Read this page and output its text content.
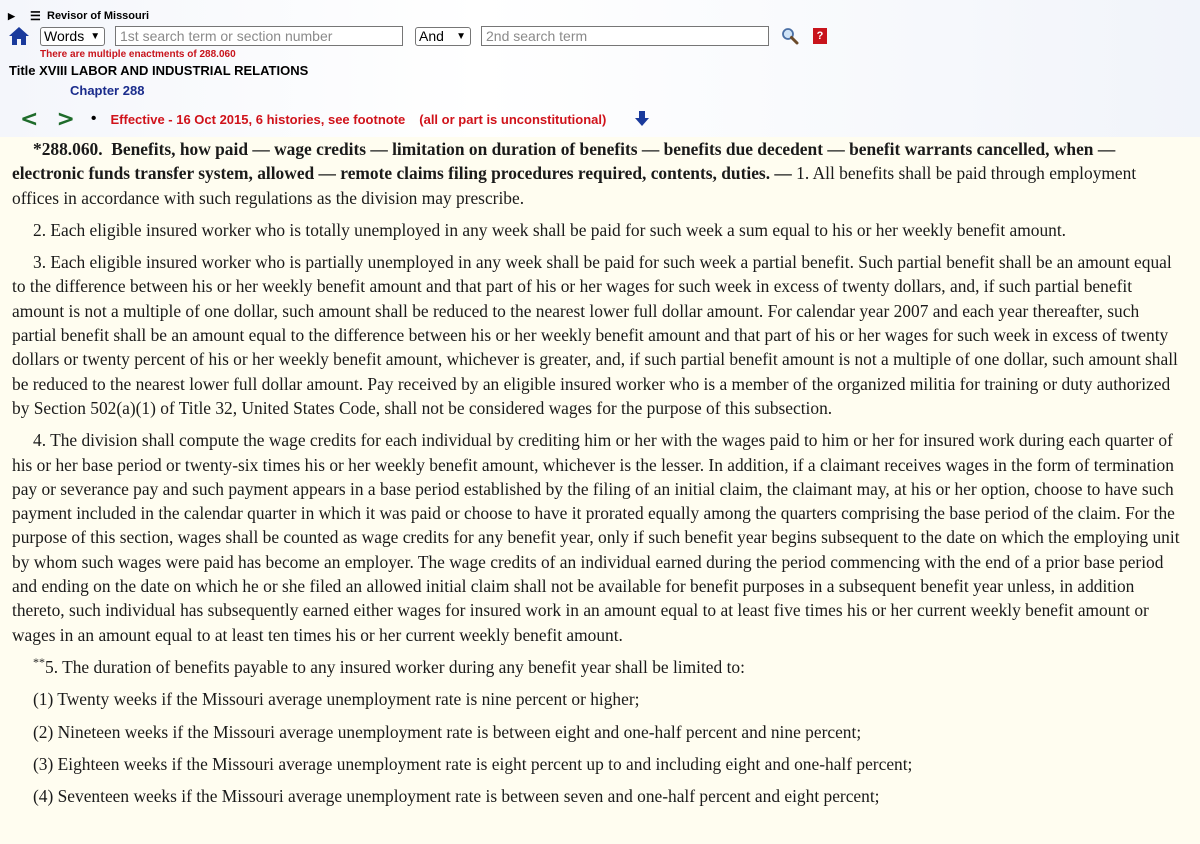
▶	☰ Revisor of Missouri
Words ▼ 1st search term or section number	And ▼ 2nd search term	?
There are multiple enactments of 288.060
Title XVIII LABOR AND INDUSTRIAL RELATIONS
Chapter 288
< > • Effective - 16 Oct 2015, 6 histories, see footnote (all or part is unconstitutional)

*288.060. Benefits, how paid — wage credits — limitation on duration of benefits — benefits due decedent — benefit warrants cancelled, when — electronic funds transfer system, allowed — remote claims filing procedures required, contents, duties. — 1. All benefits shall be paid through employment offices in accordance with such regulations as the division may prescribe.

2. Each eligible insured worker who is totally unemployed in any week shall be paid for such week a sum equal to his or her weekly benefit amount.

3. Each eligible insured worker who is partially unemployed in any week shall be paid for such week a partial benefit. Such partial benefit shall be an amount equal to the difference between his or her weekly benefit amount and that part of his or her wages for such week in excess of twenty dollars, and, if such partial benefit amount is not a multiple of one dollar, such amount shall be reduced to the nearest lower full dollar amount. For calendar year 2007 and each year thereafter, such partial benefit shall be an amount equal to the difference between his or her weekly benefit amount and that part of his or her wages for such week in excess of twenty dollars or twenty percent of his or her weekly benefit amount, whichever is greater, and, if such partial benefit amount is not a multiple of one dollar, such amount shall be reduced to the nearest lower full dollar amount. Pay received by an eligible insured worker who is a member of the organized militia for training or duty authorized by Section 502(a)(1) of Title 32, United States Code, shall not be considered wages for the purpose of this subsection.

4. The division shall compute the wage credits for each individual by crediting him or her with the wages paid to him or her for insured work during each quarter of his or her base period or twenty-six times his or her weekly benefit amount, whichever is the lesser. In addition, if a claimant receives wages in the form of termination pay or severance pay and such payment appears in a base period established by the filing of an initial claim, the claimant may, at his or her option, choose to have such payment included in the calendar quarter in which it was paid or choose to have it prorated equally among the quarters comprising the base period of the claim. For the purpose of this section, wages shall be counted as wage credits for any benefit year, only if such benefit year begins subsequent to the date on which the employing unit by whom such wages were paid has become an employer. The wage credits of an individual earned during the period commencing with the end of a prior base period and ending on the date on which he or she filed an allowed initial claim shall not be available for benefit purposes in a subsequent benefit year unless, in addition thereto, such individual has subsequently earned either wages for insured work in an amount equal to at least five times his or her current weekly benefit amount or wages in an amount equal to at least ten times his or her current weekly benefit amount.

**5. The duration of benefits payable to any insured worker during any benefit year shall be limited to:

(1) Twenty weeks if the Missouri average unemployment rate is nine percent or higher;

(2) Nineteen weeks if the Missouri average unemployment rate is between eight and one-half percent and nine percent;

(3) Eighteen weeks if the Missouri average unemployment rate is eight percent up to and including eight and one-half percent;

(4) Seventeen weeks if the Missouri average unemployment rate is between seven and one-half percent and eight percent;
